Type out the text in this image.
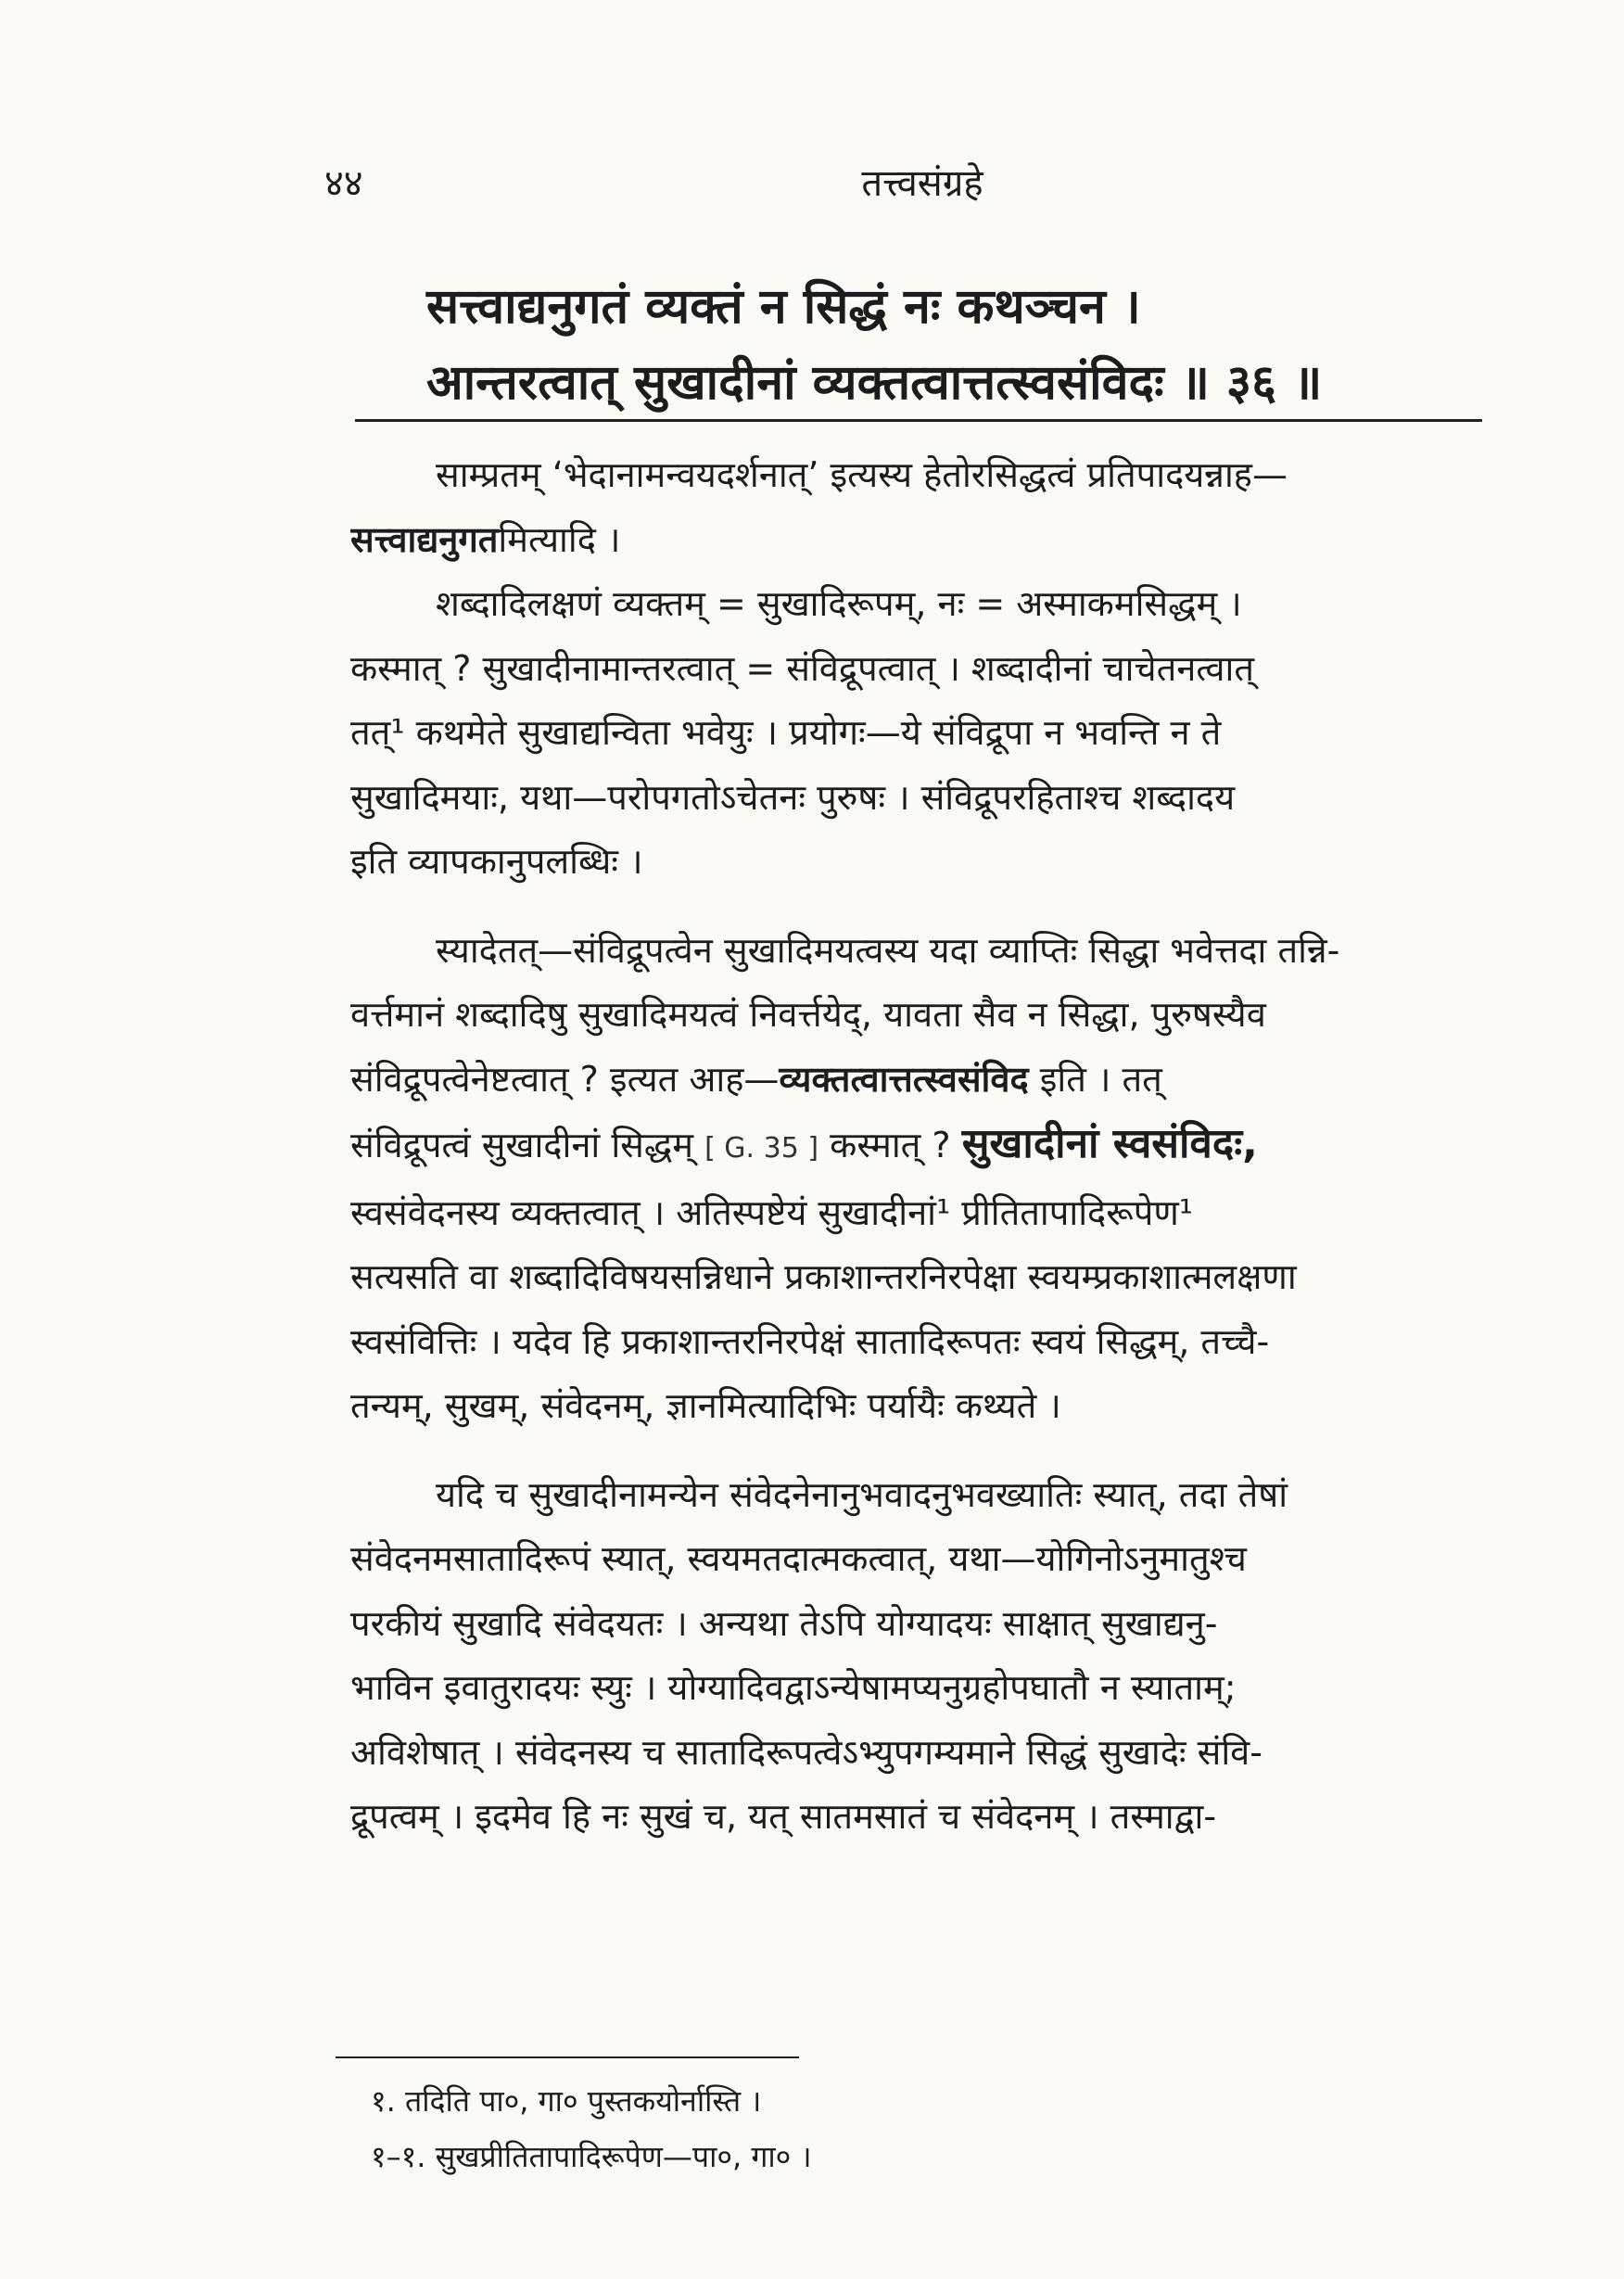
४४	तत्त्वसंग्रहे
सत्त्वाद्यनुगतं व्यक्तं न सिद्धं नः कथञ्चन ।
आन्तरत्वात् सुखादीनां व्यक्तत्वात्तत्स्वसंविदः ॥ ३६ ॥
साम्प्रतम् ‘भेदानामन्वयदर्शनात्’ इत्यस्य हेतोरसिद्धत्वं प्रतिपादयन्नाह—
सत्त्वाद्यनुगतमित्यादि ।
शब्दादिलक्षणं व्यक्तम् = सुखादिरूपम्, नः = अस्माकमसिद्धम् ।
कस्मात् ? सुखादीनामान्तरत्वात् = संविद्रूपत्वात् । शब्दादीनां चाचेतनत्वात्
तत्¹ कथमेते सुखाद्यन्विता भवेयुः । प्रयोगः—ये संविद्रूपा न भवन्ति न ते
सुखादिमयाः, यथा—परोपगतोऽचेतनः पुरुषः । संविद्रूपरहिताश्च शब्दादय
इति व्यापकानुपलब्धिः ।
स्यादेतत्—संविद्रूपत्वेन सुखादिमयत्वस्य यदा व्याप्तिः सिद्धा भवेत्तदा तन्नि-
वर्त्तमानं शब्दादिषु सुखादिमयत्वं निवर्त्तयेद्, यावता सैव न सिद्धा, पुरुषस्यैव
संविद्रूपत्वेनेष्टत्वात् ? इत्यत आह—व्यक्तत्वात्तत्स्वसंविद इति । तत्
संविद्रूपत्वं सुखादीनां सिद्धम् [ G. 35 ] कस्मात् ? सुखादीनां स्वसंविदः,
स्वसंवेदनस्य व्यक्तत्वात् । अतिस्पष्टेयं सुखादीनां¹ प्रीतितापादिरूपेण¹
सत्यसति वा शब्दादिविषयसन्निधाने प्रकाशान्तरनिरपेक्षा स्वयम्प्रकाशात्मलक्षणा
स्वसंवित्तिः । यदेव हि प्रकाशान्तरनिरपेक्षं सातादिरूपतः स्वयं सिद्धम्, तच्चै-
तन्यम्, सुखम्, संवेदनम्, ज्ञानमित्यादिभिः पर्यायैः कथ्यते ।
यदि च सुखादीनामन्येन संवेदनेनानुभवादनुभवख्यातिः स्यात्, तदा तेषां
संवेदनमसातादिरूपं स्यात्, स्वयमतदात्मकत्वात्, यथा—योगिनोऽनुमातुश्च
परकीयं सुखादि संवेदयतः । अन्यथा तेऽपि योग्यादयः साक्षात् सुखाद्यनु-
भाविन इवातुरादयः स्युः । योग्यादिवद्वाऽन्येषामप्यनुग्रहोपघातौ न स्याताम्;
अविशेषात् । संवेदनस्य च सातादिरूपत्वेऽभ्युपगम्यमाने सिद्धं सुखादेः संवि-
द्रूपत्वम् । इदमेव हि नः सुखं च, यत् सातमसातं च संवेदनम् । तस्माद्वा-
१. तदिति पा०, गा० पुस्तकयोर्नास्ति ।
१–१. सुखप्रीतितापादिरूपेण—पा०, गा० ।
